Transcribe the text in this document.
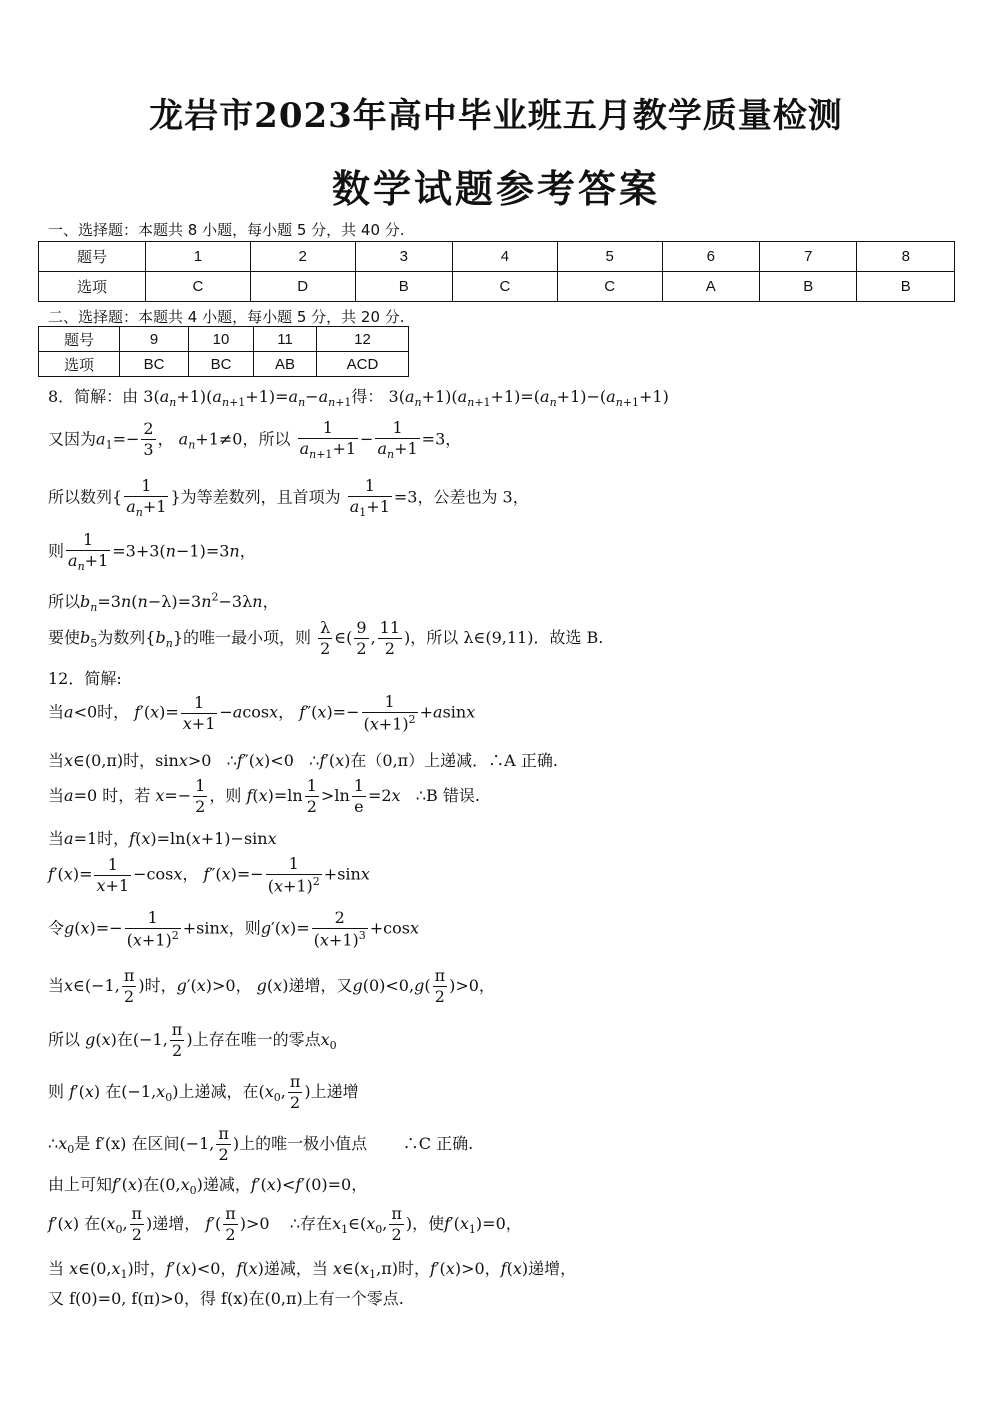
龙岩市2023年高中毕业班五月教学质量检测
数学试题参考答案
一、选择题：本题共 8 小题，每小题 5 分，共 40 分.
题号	1	2	3	4	5	6	7	8
选项	C	D	B	C	C	A	B	B
二、选择题：本题共 4 小题，每小题 5 分，共 20 分.
题号	9	10	11	12
选项	BC	BC	AB	ACD
8．简解：由 $3(a_n+1)(a_{n+1}+1)=a_n-a_{n+1}$得： $3(a_n+1)(a_{n+1}+1)=(a_n+1)-(a_{n+1}+1)$
又因为$a_1=- \frac{2}{3}$ ， $a_n+1\ne 0$，所以 $\frac{1}{a_{n+1}+1} - \frac{1}{a_n+1} =3$，
所以数列{ $\frac{1}{a_n+1}$ }为等差数列，且首项为 $\frac{1}{a_1+1} =3$，公差也为 3，
则 $\frac{1}{a_n+1} =3+3(n-1)=3n$，
所以$b_n=3n(n-\lambda)=3n^2-3\lambda n$，
要使$b_5$为数列$\{b_n\}$的唯一最小项，则 $\frac{\lambda}{2}$ ∈( $\frac{9}{2}$ , $\frac{11}{2}$ )，所以 λ∈(9,11)．故选 B.
12．简解:
当a<0时， $f'(x)= \frac{1}{x+1} -acosx$， $f''(x)=- \frac{1}{(x+1)^2} +asinx$
当x∈(0,π)时，sinx>0   ∴f″(x)<0   ∴f′(x)在（0,π）上递减．∴A 正确.
当a=0 时，若 $x=- \frac{1}{2}$ ，则 $f(x)=\ln \frac{1}{2} >\ln \frac{1}{e} =2x$ ∴B 错误.
当a=1时，f(x)=ln(x+1)−sinx
$f'(x)= \frac{1}{x+1} -\cos x$， $f''(x)=- \frac{1}{(x+1)^2} +\sin x$
令$g(x)=- \frac{1}{(x+1)^2} +\sin x$，则$g'(x)= \frac{2}{(x+1)^3} +\cos x$
当x∈(−1, $\frac{\pi}{2}$ )时，g′(x)>0， g(x)递增，又$g(0)<0,g( \frac{\pi}{2} )>0$，
所以 g(x)在(−1, $\frac{\pi}{2}$ )上存在唯一的零点$x_0$
则 f′(x) 在$(-1,x_0)$上递减，在($x_0$, $\frac{\pi}{2}$ )上递增
$\therefore x_0$是 f′(x) 在区间(−1, $\frac{\pi}{2}$ )上的唯一极小值点 ∴C 正确.
由上可知f′(x)在$(0,x_0)$递减，f′(x)<f′(0)=0，
f′(x) 在($x_0$, $\frac{\pi}{2}$ )递增， $f'( \frac{\pi}{2} )>0$    ∴存在$x_1\in(x_0$, $\frac{\pi}{2}$ )，使$f'(x_1)=0$，
当 $x\in(0,x_1)$时，f′(x)<0，f(x)递减，当 $x\in(x_1,\pi)$时，f′(x)>0，f(x)递增，
又 f(0)=0, f(π)>0，得 f(x)在(0,π)上有一个零点.
